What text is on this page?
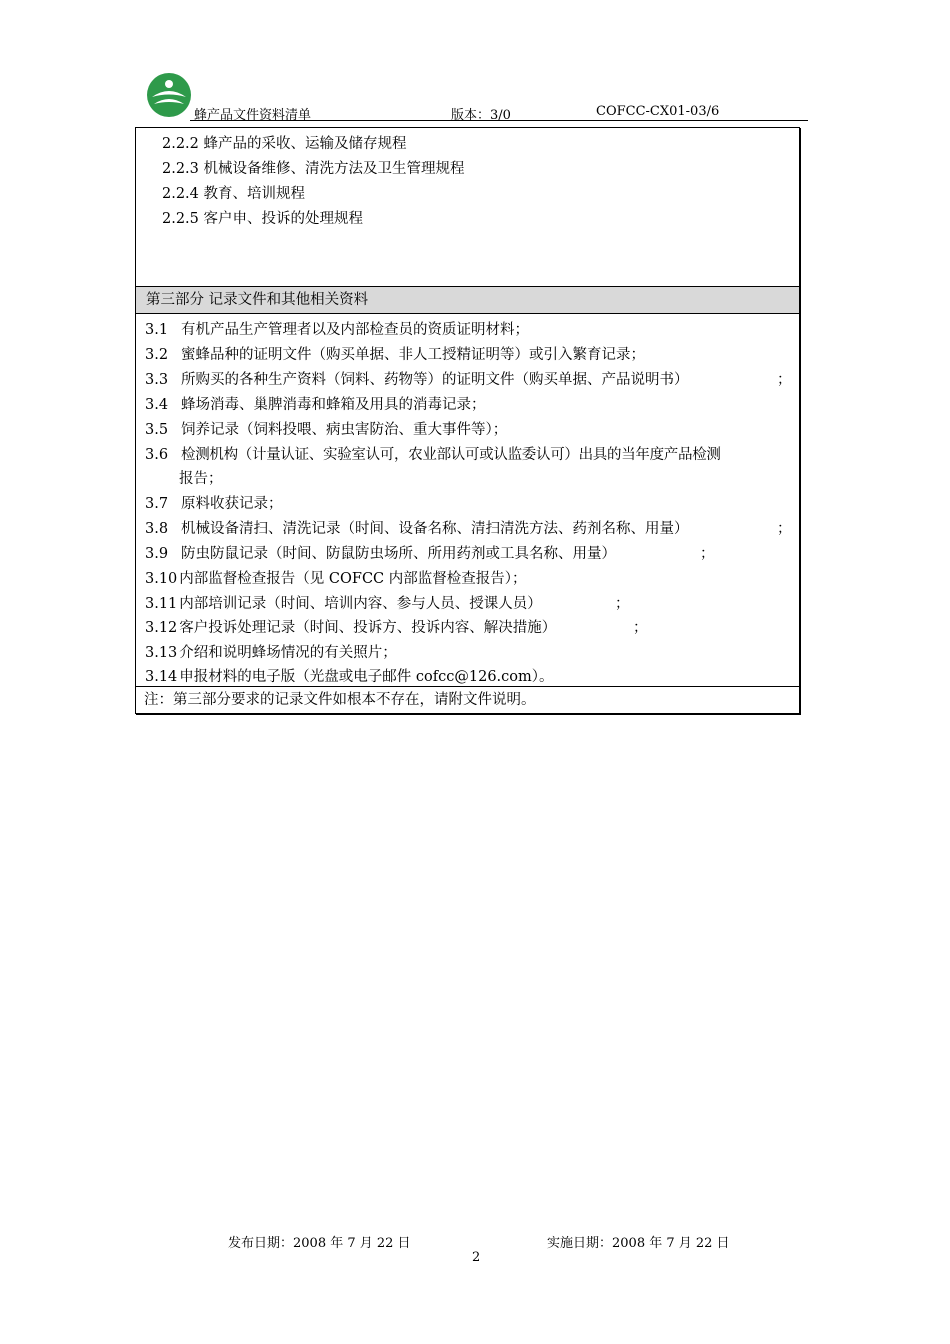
蜂产品文件资料清单	版本：3/0	COFCC-CX01-03/6
2.2.2 蜂产品的采收、运输及储存规程
2.2.3 机械设备维修、清洗方法及卫生管理规程
2.2.4 教育、培训规程
2.2.5 客户申、投诉的处理规程
第三部分 记录文件和其他相关资料
3.1 有机产品生产管理者以及内部检查员的资质证明材料；
3.2 蜜蜂品种的证明文件（购买单据、非人工授精证明等）或引入繁育记录；
3.3 所购买的各种生产资料（饲料、药物等）的证明文件（购买单据、产品说明书）	；
3.4 蜂场消毒、巢脾消毒和蜂箱及用具的消毒记录；
3.5 饲养记录（饲料投喂、病虫害防治、重大事件等）；
3.6 检测机构（计量认证、实验室认可，农业部认可或认监委认可）出具的当年度产品检测
报告；
3.7 原料收获记录；
3.8 机械设备清扫、清洗记录（时间、设备名称、清扫清洗方法、药剂名称、用量）	；
3.9 防虫防鼠记录（时间、防鼠防虫场所、所用药剂或工具名称、用量）	；
3.10 内部监督检查报告（见 COFCC 内部监督检查报告）；
3.11 内部培训记录（时间、培训内容、参与人员、授课人员）	；
3.12 客户投诉处理记录（时间、投诉方、投诉内容、解决措施）	；
3.13 介绍和说明蜂场情况的有关照片；
3.14 申报材料的电子版（光盘或电子邮件 cofcc@126.com）。
注：第三部分要求的记录文件如根本不存在，请附文件说明。
发布日期：2008 年 7 月 22 日	实施日期：2008 年 7 月 22 日
2
